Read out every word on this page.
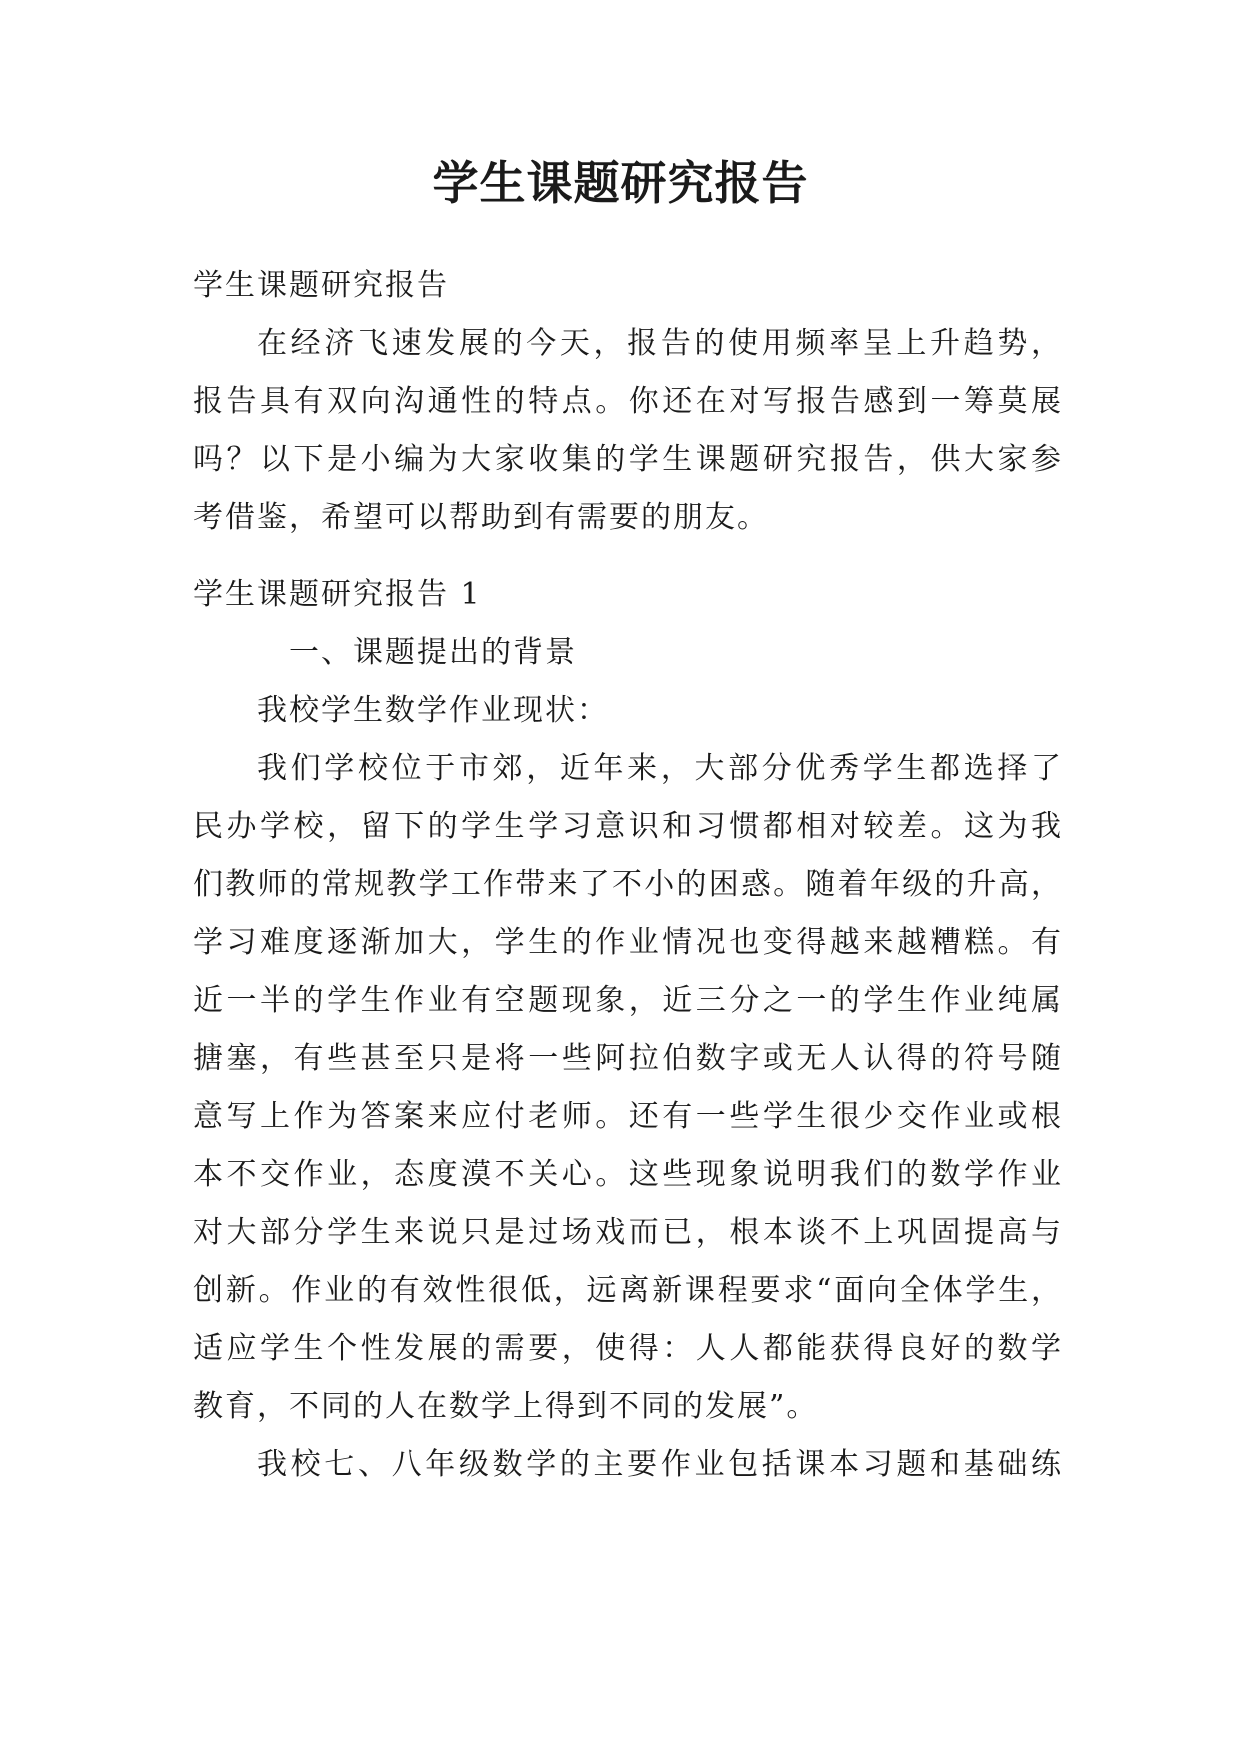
学生课题研究报告
学生课题研究报告
在经济飞速发展的今天，报告的使用频率呈上升趋势，
报告具有双向沟通性的特点。你还在对写报告感到一筹莫展
吗？以下是小编为大家收集的学生课题研究报告，供大家参
考借鉴，希望可以帮助到有需要的朋友。
学生课题研究报告 1
一、课题提出的背景
我校学生数学作业现状：
我们学校位于市郊，近年来，大部分优秀学生都选择了
民办学校，留下的学生学习意识和习惯都相对较差。这为我
们教师的常规教学工作带来了不小的困惑。随着年级的升高，
学习难度逐渐加大，学生的作业情况也变得越来越糟糕。有
近一半的学生作业有空题现象，近三分之一的学生作业纯属
搪塞，有些甚至只是将一些阿拉伯数字或无人认得的符号随
意写上作为答案来应付老师。还有一些学生很少交作业或根
本不交作业，态度漠不关心。这些现象说明我们的数学作业
对大部分学生来说只是过场戏而已，根本谈不上巩固提高与
创新。作业的有效性很低，远离新课程要求“面向全体学生，
适应学生个性发展的需要，使得：人人都能获得良好的数学
教育，不同的人在数学上得到不同的发展”。
我校七、八年级数学的主要作业包括课本习题和基础练
